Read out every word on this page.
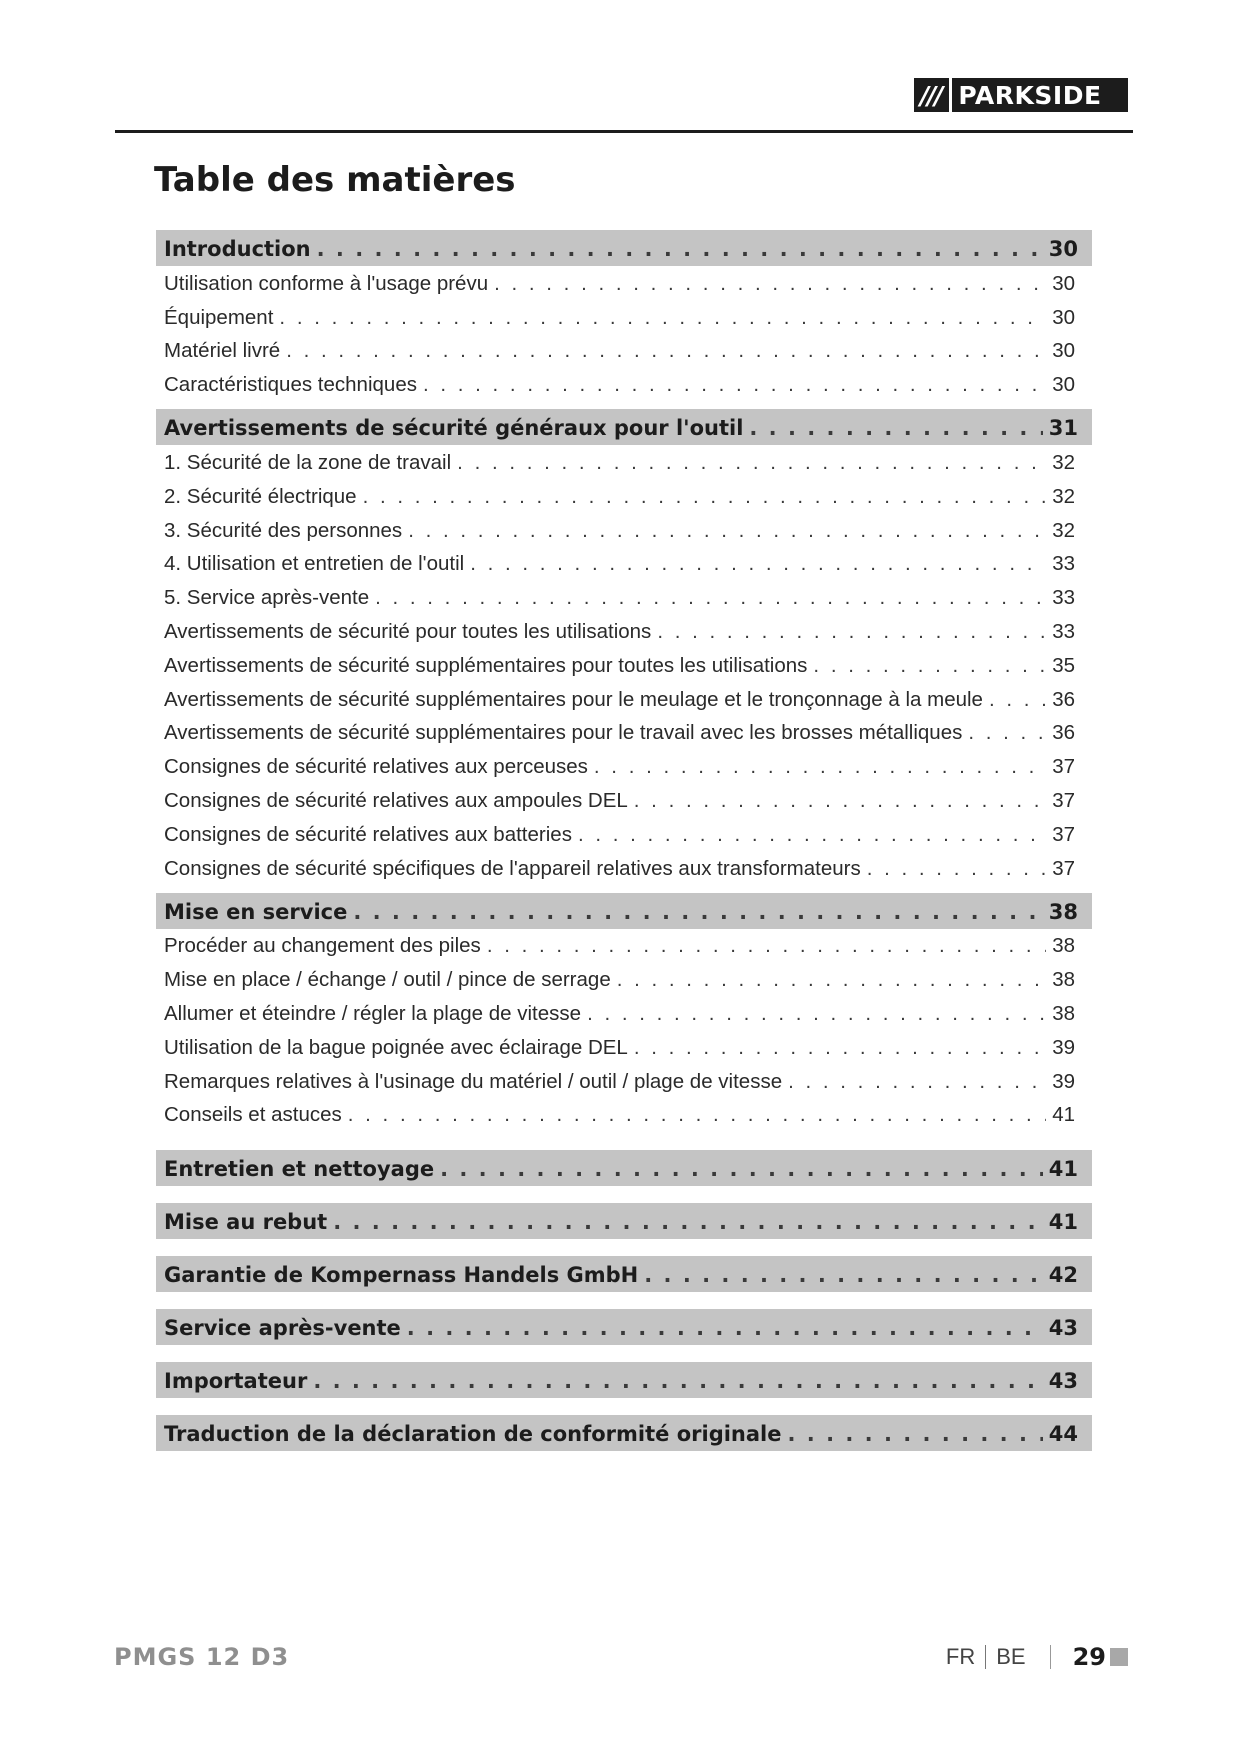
/// PARKSIDE
Table des matières
Introduction . . .	30
Utilisation conforme à l'usage prévu . . .	30
Équipement . . .	30
Matériel livré . . .	30
Caractéristiques techniques . . .	30
Avertissements de sécurité généraux pour l'outil . . .	31
1. Sécurité de la zone de travail . . .	32
2. Sécurité électrique . . .	32
3. Sécurité des personnes . . .	32
4. Utilisation et entretien de l'outil . . .	33
5. Service après-vente . . .	33
Avertissements de sécurité pour toutes les utilisations . . .	33
Avertissements de sécurité supplémentaires pour toutes les utilisations . . .	35
Avertissements de sécurité supplémentaires pour le meulage et le tronçonnage à la meule . . .	36
Avertissements de sécurité supplémentaires pour le travail avec les brosses métalliques . . .	36
Consignes de sécurité relatives aux perceuses . . .	37
Consignes de sécurité relatives aux ampoules DEL . . .	37
Consignes de sécurité relatives aux batteries . . .	37
Consignes de sécurité spécifiques de l'appareil relatives aux transformateurs . . .	37
Mise en service . . .	38
Procéder au changement des piles . . .	38
Mise en place / échange / outil / pince de serrage . . .	38
Allumer et éteindre / régler la plage de vitesse . . .	38
Utilisation de la bague poignée avec éclairage DEL . . .	39
Remarques relatives à l'usinage du matériel / outil / plage de vitesse . . .	39
Conseils et astuces . . .	41
Entretien et nettoyage . . .	41
Mise au rebut . . .	41
Garantie de Kompernass Handels GmbH . . .	42
Service après-vente . . .	43
Importateur . . .	43
Traduction de la déclaration de conformité originale . . .	44
PMGS 12 D3	FR BE 29
